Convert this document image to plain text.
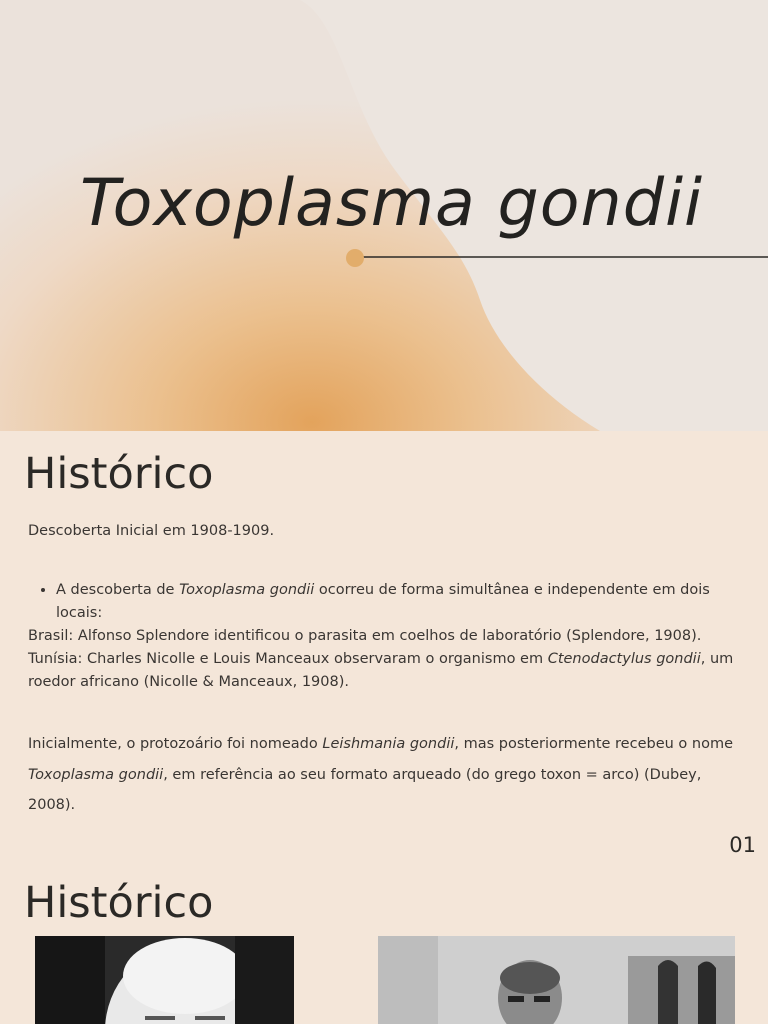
Toxoplasma gondii
Histórico
Descoberta Inicial em 1908-1909.
• A descoberta de Toxoplasma gondii ocorreu de forma simultânea e independente em dois locais:
Brasil: Alfonso Splendore identificou o parasita em coelhos de laboratório (Splendore, 1908).
Tunísia: Charles Nicolle e Louis Manceaux observaram o organismo em Ctenodactylus gondii, um roedor africano (Nicolle & Manceaux, 1908).
Inicialmente, o protozoário foi nomeado Leishmania gondii, mas posteriormente recebeu o nome Toxoplasma gondii, em referência ao seu formato arqueado (do grego toxon = arco) (Dubey, 2008).
01
Histórico
